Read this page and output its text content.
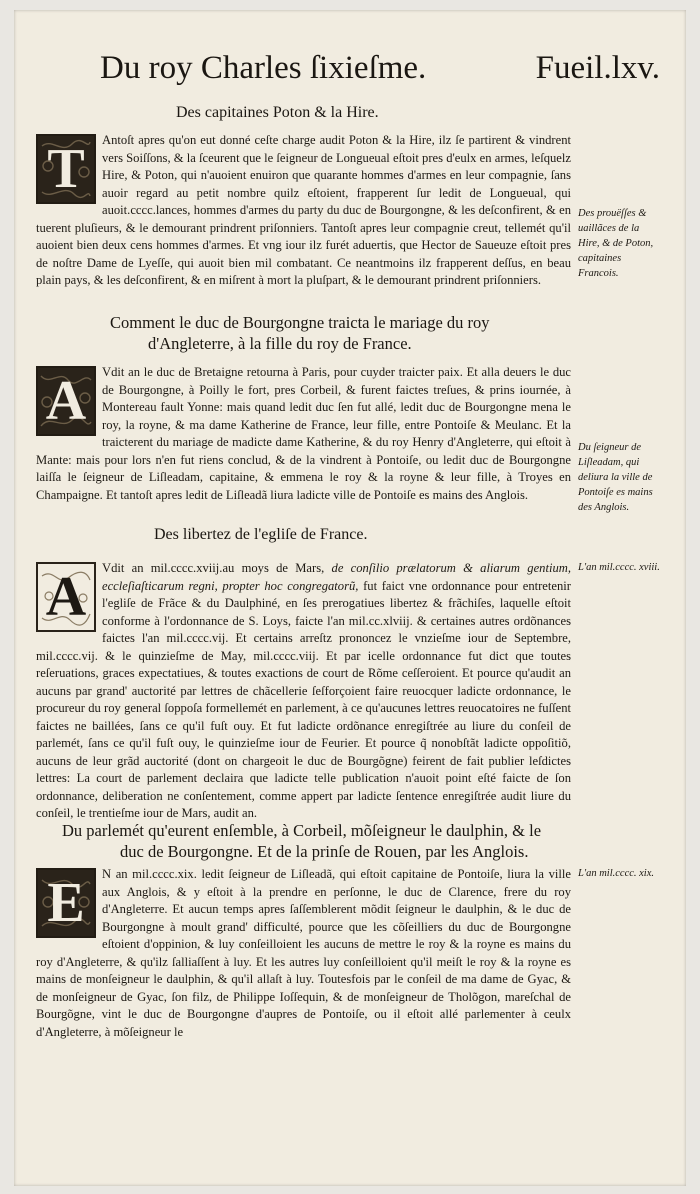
Du roy Charles ſixieſme.	Fueil.lxv.
Des capitaines Poton & la Hire.
T	Antoſt apres qu'on eut donné ceſte charge audit Poton & la Hire, ilz ſe partirent & vindrent vers Soiſſons, & la ſceurent que le ſeigneur de Longueual eſtoit pres d'eulx en armes, leſquelz Hire, & Poton, qui n'auoient enuiron que quarante hommes d'armes en leur compagnie, ſans auoir regard au petit nombre quilz eſtoient, frapperent ſur ledit de Longueual, qui auoit.cccc.lances, hommes d'armes du party du duc de Bourgongne, & les deſconfirent, & en tuerent pluſieurs, & le demourant prindrent priſonniers. Tantoſt apres leur compagnie creut, tellemét qu'il auoient bien deux cens hommes d'armes. Et vng iour ilz furét aduertis, que Hector de Saueuze eſtoit pres de noſtre Dame de Lyeſſe, qui auoit bien mil combatant. Ce neantmoins ilz frapperent deſſus, en beau plain pays, & les deſconfirent, & en miſrent à mort la pluſpart, & le demourant prindrent priſonniers.
Des prouëſſes & uaillãces de la Hire, & de Poton, capitaines Francois.
Comment le duc de Bourgongne traicta le mariage du roy
d'Angleterre, à la fille du roy de France.
A	Vdit an le duc de Bretaigne retourna à Paris, pour cuyder traicter paix. Et alla deuers le duc de Bourgongne, à Poilly le fort, pres Corbeil, & furent faictes treſues, & prins iournée, à Montereau fault Yonne: mais quand ledit duc ſen fut allé, ledit duc de Bourgongne mena le roy, la royne, & ma dame Katherine de France, leur fille, entre Pontoiſe & Meulanc. Et la traicterent du mariage de madicte dame Katherine, & du roy Henry d'Angleterre, qui eſtoit à Mante: mais pour lors n'en fut riens conclud, & de la vindrent à Pontoiſe, ou ledit duc de Bourgongne laiſſa le ſeigneur de Liſleadam, capitaine, & emmena le roy & la royne & leur fille, à Troyes en Champaigne. Et tantoſt apres ledit de Liſleadã liura ladicte ville de Pontoiſe es mains des Anglois.
Du ſeigneur de Liſleadam, qui deliura la ville de Pontoiſe es mains des Anglois.
Des libertez de l'egliſe de France.
A	Vdit an mil.cccc.xviij.au moys de Mars, de conſilio prælatorum & aliarum gentium, eccleſiaſticarum regni, propter hoc congregatorũ, fut faict vne ordonnance pour entretenir l'egliſe de Frãce & du Daulphiné, en ſes prerogatiues libertez & frãchiſes, laquelle eſtoit conforme à l'ordonnance de S. Loys, faicte l'an mil.cc.xlviij. & certaines autres ordõnances faictes l'an mil.cccc.vij. Et certains arreſtz prononcez le vnzieſme iour de Septembre, mil.cccc.vij. & le quinzieſme de May, mil.cccc.viij. Et par icelle ordonnance fut dict que toutes reſeruations, graces expectatiues, & toutes exactions de court de Rõme ceſſeroient. Et pource qu'audit an aucuns par grand' auctorité par lettres de chãcellerie ſeſforçoient faire reuocquer ladicte ordonnance, le procureur du roy general ſoppoſa formellemét en parlement, à ce qu'aucunes lettres reuocatoires ne fuſſent faictes ne baillées, ſans ce qu'il fuſt ouy. Et fut ladicte ordõnance enregiſtrée au liure du conſeil de parlemét, ſans ce qu'il fuſt ouy, le quinzieſme iour de Feurier. Et pource q̃ nonobſtãt ladicte oppoſitiõ, aucuns de leur grãd auctorité (dont on chargeoit le duc de Bourgõgne) feirent de fait publier leſdictes lettres: La court de parlement declaira que ladicte telle publication n'auoit point eſté faicte de ſon ordonnance, deliberation ne conſentement, comme appert par ladicte ſentence enregiſtrée audit liure du conſeil, le trentieſme iour de Mars, audit an.
L'an mil.cccc. xviii.
Du parlemét qu'eurent enſemble, à Corbeil, mõſeigneur le daulphin, & le
duc de Bourgongne. Et de la prinſe de Rouen, par les Anglois.
E	N an mil.cccc.xix. ledit ſeigneur de Liſleadã, qui eſtoit capitaine de Pontoiſe, liura la ville aux Anglois, & y eſtoit à la prendre en perſonne, le duc de Clarence, frere du roy d'Angleterre. Et aucun temps apres ſaſſemblerent mõdit ſeigneur le daulphin, & le duc de Bourgongne à moult grand' difficulté, pource que les cõſeilliers du duc de Bourgongne eſtoient d'oppinion, & luy conſeilloient les aucuns de mettre le roy & la royne es mains du roy d'Angleterre, & qu'ilz ſalliaſſent à luy. Et les autres luy conſeilloient qu'il meiſt le roy & la royne es mains de monſeigneur le daulphin, & qu'il allaſt à luy. Toutesfois par le conſeil de ma dame de Gyac, & de monſeigneur de Gyac, ſon filz, de Philippe Ioſſequin, & de monſeigneur de Tholõgon, mareſchal de Bourgõgne, vint le duc de Bourgongne d'aupres de Pontoiſe, ou il eſtoit allé parlementer à ceulx d'Angleterre, à mõſeigneur le
L'an mil.cccc. xix.
